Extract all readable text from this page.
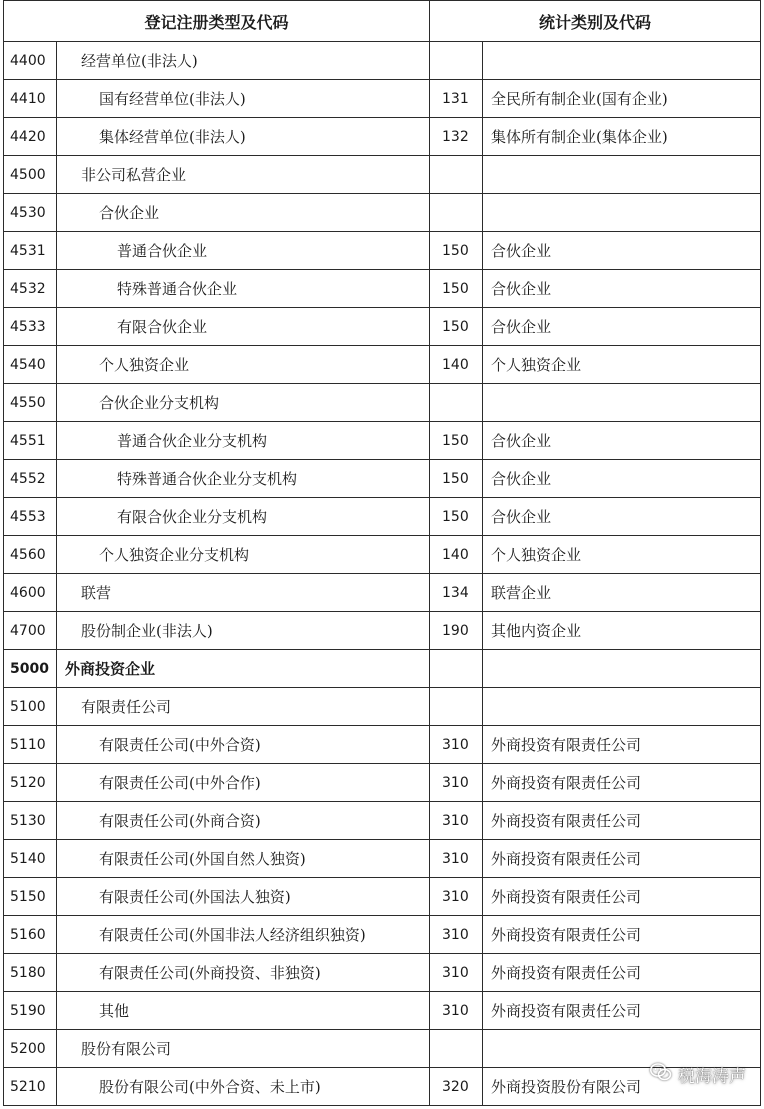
登记注册类型及代码		统计类别及代码	
4400	经营单位(非法人)		
4410	国有经营单位(非法人)	131	全民所有制企业(国有企业)
4420	集体经营单位(非法人)	132	集体所有制企业(集体企业)
4500	非公司私营企业		
4530	合伙企业		
4531	普通合伙企业	150	合伙企业
4532	特殊普通合伙企业	150	合伙企业
4533	有限合伙企业	150	合伙企业
4540	个人独资企业	140	个人独资企业
4550	合伙企业分支机构		
4551	普通合伙企业分支机构	150	合伙企业
4552	特殊普通合伙企业分支机构	150	合伙企业
4553	有限合伙企业分支机构	150	合伙企业
4560	个人独资企业分支机构	140	个人独资企业
4600	联营	134	联营企业
4700	股份制企业(非法人)	190	其他内资企业
5000	外商投资企业		
5100	有限责任公司		
5110	有限责任公司(中外合资)	310	外商投资有限责任公司
5120	有限责任公司(中外合作)	310	外商投资有限责任公司
5130	有限责任公司(外商合资)	310	外商投资有限责任公司
5140	有限责任公司(外国自然人独资)	310	外商投资有限责任公司
5150	有限责任公司(外国法人独资)	310	外商投资有限责任公司
5160	有限责任公司(外国非法人经济组织独资)	310	外商投资有限责任公司
5180	有限责任公司(外商投资、非独资)	310	外商投资有限责任公司
5190	其他	310	外商投资有限责任公司
5200	股份有限公司		
5210	股份有限公司(中外合资、未上市)	320	外商投资股份有限公司 税海涛声
